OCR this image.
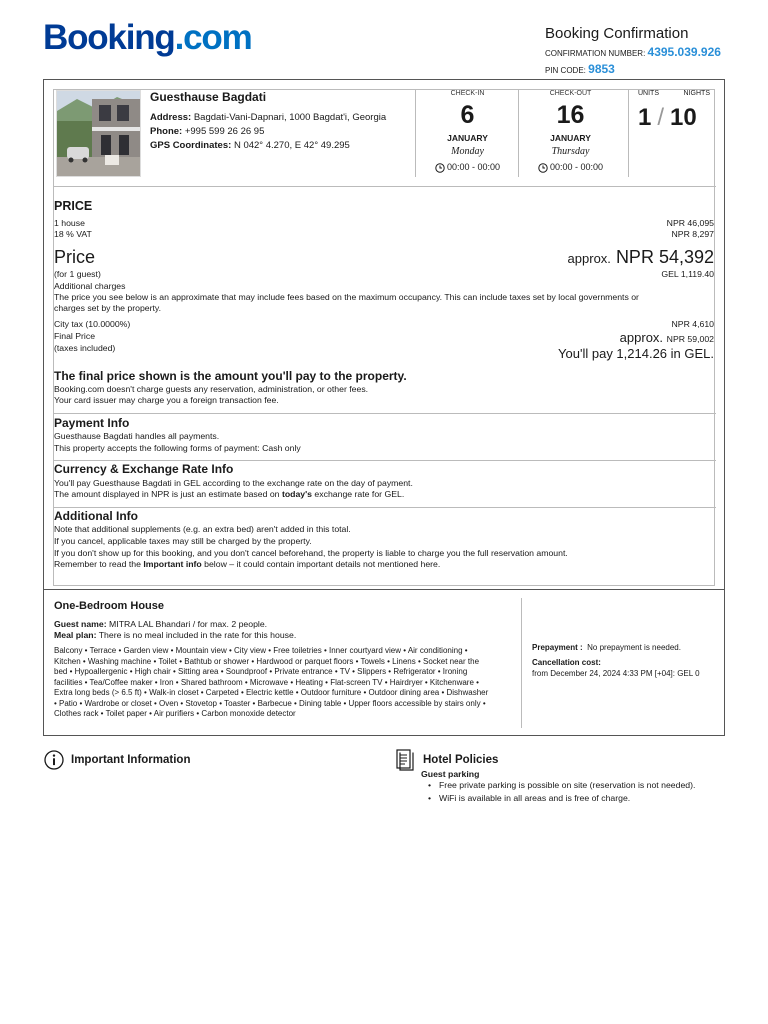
Booking.com	Booking Confirmation
CONFIRMATION NUMBER: 4395.039.926
PIN CODE: 9853
Guesthause Bagdati
Address: Bagdati-Vani-Dapnari, 1000 Bagdat'i, Georgia
Phone: +995 599 26 26 95
GPS Coordinates: N 042° 4.270, E 42° 49.295
CHECK-IN
6
JANUARY
Monday
00:00 - 00:00
CHECK-OUT
16
JANUARY
Thursday
00:00 - 00:00
UNITS	NIGHTS
1 / 10
PRICE
1 house	NPR 46,095
18 % VAT	NPR 8,297
Price	approx. NPR 54,392
(for 1 guest)	GEL 1,119.40
Additional charges
The price you see below is an approximate that may include fees based on the maximum occupancy. This can include taxes set by local governments or
charges set by the property.
City tax (10.0000%)	NPR 4,610
Final Price
(taxes included)
approx. NPR 59,002
You'll pay 1,214.26 in GEL.
The final price shown is the amount you'll pay to the property.
Booking.com doesn't charge guests any reservation, administration, or other fees.
Your card issuer may charge you a foreign transaction fee.
Payment Info
Guesthause Bagdati handles all payments.
This property accepts the following forms of payment: Cash only
Currency & Exchange Rate Info
You'll pay Guesthause Bagdati in GEL according to the exchange rate on the day of payment.
The amount displayed in NPR is just an estimate based on today's exchange rate for GEL.
Additional Info
Note that additional supplements (e.g. an extra bed) aren't added in this total.
If you cancel, applicable taxes may still be charged by the property.
If you don't show up for this booking, and you don't cancel beforehand, the property is liable to charge you the full reservation amount.
Remember to read the Important info below – it could contain important details not mentioned here.
One-Bedroom House
Guest name: MITRA LAL Bhandari / for max. 2 people.
Meal plan: There is no meal included in the rate for this house.
Balcony • Terrace • Garden view • Mountain view • City view • Free toiletries • Inner courtyard view • Air conditioning •
Kitchen • Washing machine • Toilet • Bathtub or shower • Hardwood or parquet floors • Towels • Linens • Socket near the
bed • Hypoallergenic • High chair • Sitting area • Soundproof • Private entrance • TV • Slippers • Refrigerator • Ironing
facilities • Tea/Coffee maker • Iron • Shared bathroom • Microwave • Heating • Flat-screen TV • Hairdryer • Kitchenware •
Extra long beds (> 6.5 ft) • Walk-in closet • Carpeted • Electric kettle • Outdoor furniture • Outdoor dining area • Dishwasher
• Patio • Wardrobe or closet • Oven • Stovetop • Toaster • Barbecue • Dining table • Upper floors accessible by stairs only •
Clothes rack • Toilet paper • Air purifiers • Carbon monoxide detector
Prepayment : No prepayment is needed.
Cancellation cost:
from December 24, 2024 4:33 PM [+04]: GEL 0
Important Information	Hotel Policies
Guest parking
• Free private parking is possible on site (reservation is not needed).
• WiFi is available in all areas and is free of charge.
